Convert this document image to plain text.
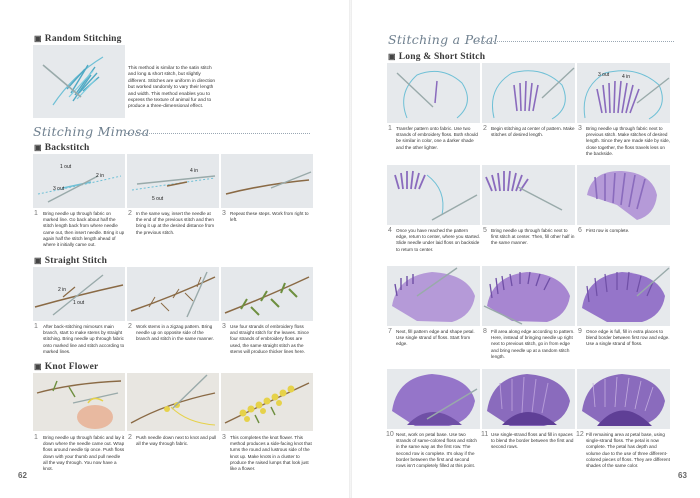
▣ Random Stitching
This method is similar to the satin stitch and long & short stitch, but slightly different. Stitches are uniform in direction but worked randomly to vary their length and width. This method enables you to express the texture of animal fur and to produce a three-dimensional effect.
Stitching Mimosa
▣ Backstitch
1 out
2 in
3 out
4 in
5 out
1 Bring needle up through fabric on marked line. Go back about half the stitch length back from where needle came out, then insert needle. Bring it up again half the stitch length ahead of where it initially came out.
2 In the same way, insert the needle at the end of the previous stitch and then bring it up at the desired distance from the previous stitch.
3 Repeat these steps. Work from right to left.
▣ Straight Stitch
2 in
1 out
1 After back-stitching mimosa's main branch, start to make stems by straight stitching. Bring needle up through fabric onto marked line and stitch according to marked lines.
2 Work stems in a zigzag pattern. Bring needle up on opposite side of the branch and stitch in the same manner.
3 Use four strands of embroidery floss and straight stitch for the leaves. Since four strands of embroidery floss are used, the same straight stitch as the stems will produce thicker lines here.
▣ Knot Flower
1 Bring needle up through fabric and lay it down where the needle came out. Wrap floss around needle tip once. Push floss down with your thumb and pull needle all the way through. You now have a knot.
2 Push needle down next to knot and pull all the way through fabric.
3 This completes the knot flower. This method produces a side-facing knot that turns the round and lustrous side of the knot up. Make knots in a cluster to produce the raised lumps that look just like a flower.
62
Stitching a Petal
▣ Long & Short Stitch
3 out	4 in
1 Transfer pattern onto fabric. Use two strands of embroidery floss. Both should be similar in color, one a darker shade and the other lighter.
2 Begin stitching at center of pattern. Make stitches of desired length.
3 Bring needle up through fabric next to previous stitch. Make stitches of desired length. Since they are made side by side, close together, the floss travels less on the backside.
4 Once you have reached the pattern edge, return to center, where you started. Slide needle under laid floss on backside to return to center.
5 Bring needle up through fabric next to first stitch at center. Then, fill other half in the same manner.
6 First row is complete.
7 Next, fill pattern edge and shape petal. Use single strand of floss. Start from edge.
8 Fill area along edge according to pattern. Here, instead of bringing needle up right next to previous stitch, go in from edge and bring needle up at a random stitch length.
9 Once edge is full, fill in extra places to blend border between first row and edge. Use a single strand of floss.
10 Next, work on petal base. Use two strands of same-colored floss and stitch in the same way as the first row. The second row is complete. It's okay if the border between the first and second rows isn't completely filled at this point.
11 Use single-strand floss and fill in spaces to blend the border between the first and second rows.
12 Fill remaining area at petal base, using single-strand floss. The petal is now complete. The petal has depth and volume due to the use of three different-colored pieces of floss. They are different shades of the same color.
63
